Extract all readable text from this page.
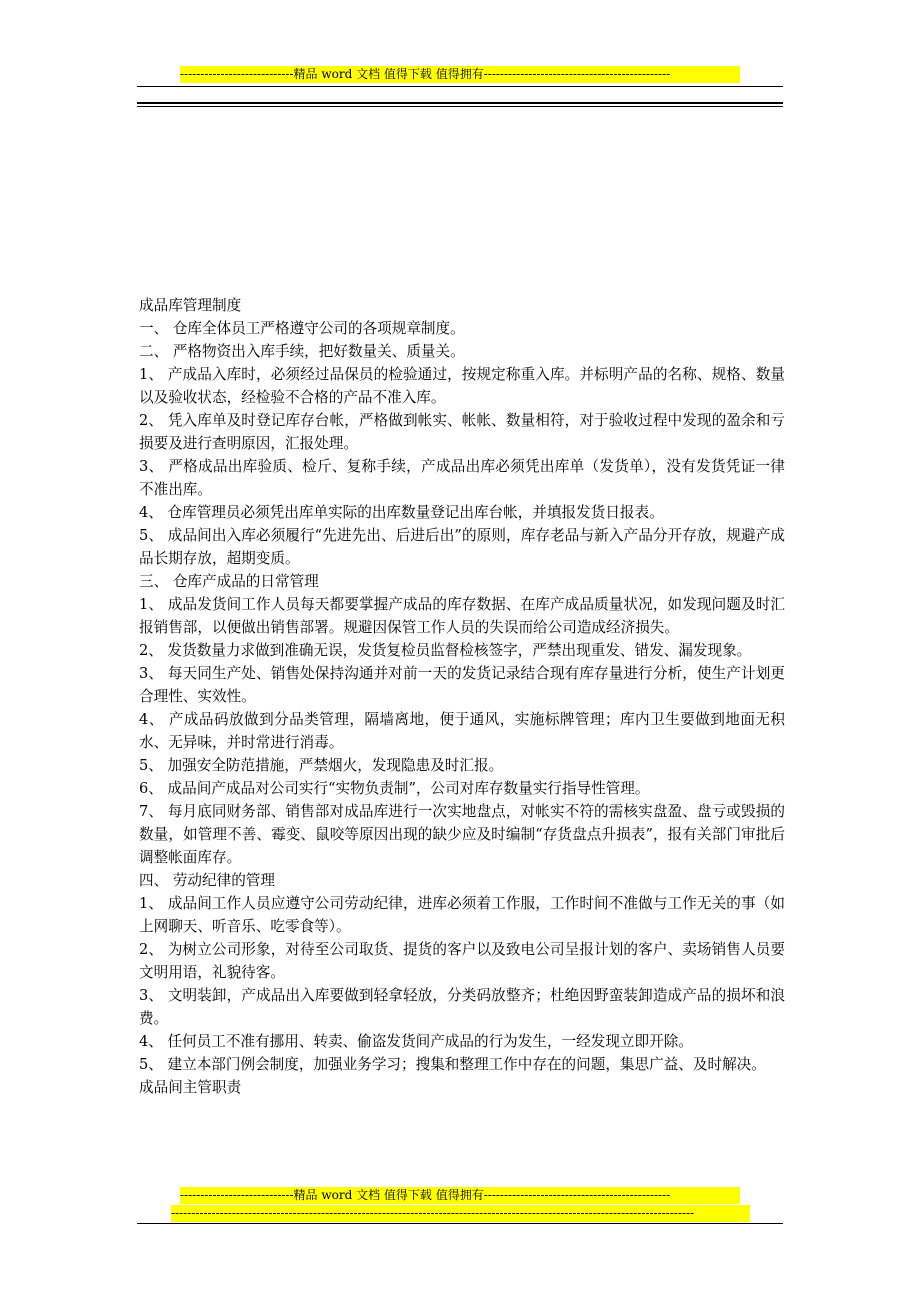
----------------------------精品 word 文档 值得下载 值得拥有----------------------------------------------

成品库管理制度

一、 仓库全体员工严格遵守公司的各项规章制度。

二、 严格物资出入库手续，把好数量关、质量关。

1、 产成品入库时，必须经过品保员的检验通过，按规定称重入库。并标明产品的名称、规格、数量以及验收状态，经检验不合格的产品不准入库。

2、 凭入库单及时登记库存台帐，严格做到帐实、帐帐、数量相符，对于验收过程中发现的盈余和亏损要及进行查明原因，汇报处理。

3、 严格成品出库验质、检斤、复称手续，产成品出库必须凭出库单（发货单），没有发货凭证一律不准出库。

4、 仓库管理员必须凭出库单实际的出库数量登记出库台帐，并填报发货日报表。

5、 成品间出入库必须履行“先进先出、后进后出”的原则，库存老品与新入产品分开存放，规避产成品长期存放，超期变质。

三、 仓库产成品的日常管理

1、 成品发货间工作人员每天都要掌握产成品的库存数据、在库产成品质量状况，如发现问题及时汇报销售部，以便做出销售部署。规避因保管工作人员的失误而给公司造成经济损失。

2、 发货数量力求做到准确无误，发货复检员监督检核签字，严禁出现重发、错发、漏发现象。

3、 每天同生产处、销售处保持沟通并对前一天的发货记录结合现有库存量进行分析，使生产计划更合理性、实效性。

4、 产成品码放做到分品类管理，隔墙离地，便于通风，实施标牌管理；库内卫生要做到地面无积水、无异味，并时常进行消毒。

5、 加强安全防范措施，严禁烟火，发现隐患及时汇报。

6、 成品间产成品对公司实行“实物负责制”，公司对库存数量实行指导性管理。

7、 每月底同财务部、销售部对成品库进行一次实地盘点，对帐实不符的需核实盘盈、盘亏或毁损的数量，如管理不善、霉变、鼠咬等原因出现的缺少应及时编制“存货盘点升损表”，报有关部门审批后调整帐面库存。

四、 劳动纪律的管理

1、 成品间工作人员应遵守公司劳动纪律，进库必须着工作服，工作时间不准做与工作无关的事（如上网聊天、听音乐、吃零食等）。

2、 为树立公司形象，对待至公司取货、提货的客户以及致电公司呈报计划的客户、卖场销售人员要文明用语，礼貌待客。

3、 文明装卸，产成品出入库要做到轻拿轻放，分类码放整齐；杜绝因野蛮装卸造成产品的损坏和浪费。

4、 任何员工不准有挪用、转卖、偷盗发货间产成品的行为发生，一经发现立即开除。

5、 建立本部门例会制度，加强业务学习；搜集和整理工作中存在的问题，集思广益、及时解决。

成品间主管职责

----------------------------精品 word 文档 值得下载 值得拥有----------------------------------------------
---------------------------------------------------------------------------------------------------------------------------------
